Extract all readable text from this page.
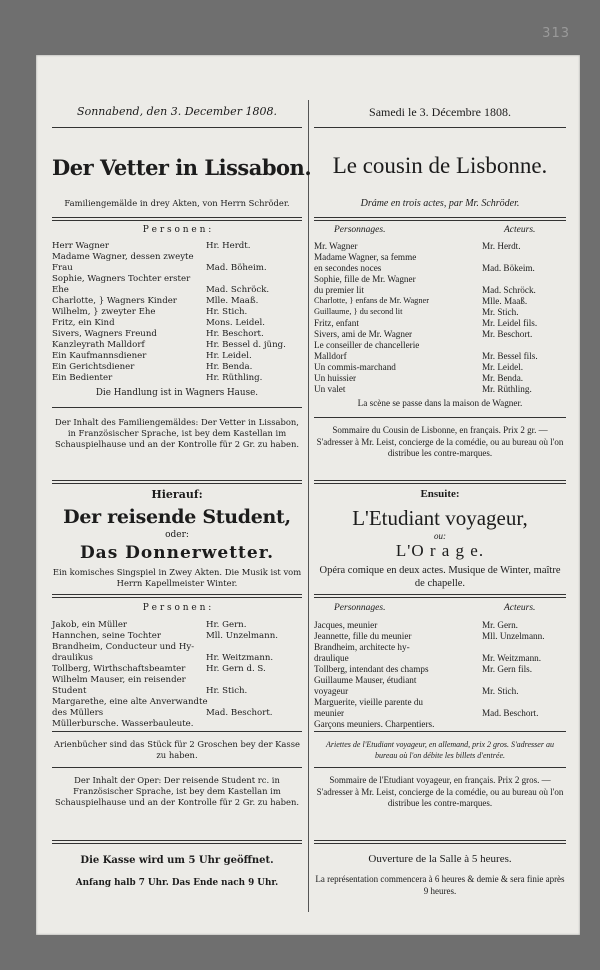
313
Sonnabend, den 3. December 1808.
Der Vetter in Lissabon.
Familiengemälde in drey Akten, von Herrn Schröder.
P e r s o n e n :
Herr Wagner	Hr. Herdt.
Madame Wagner, dessen zweyte
Frau	Mad. Böheim.
Sophie, Wagners Tochter erster
Ehe	Mad. Schröck.
Charlotte, } Wagners Kinder	Mlle. Maaß.
Wilhelm, } zweyter Ehe	Hr. Stich.
Fritz, ein Kind	Mons. Leidel.
Sivers, Wagners Freund	Hr. Beschort.
Kanzleyrath Malldorf	Hr. Bessel d. jüng.
Ein Kaufmannsdiener	Hr. Leidel.
Ein Gerichtsdiener	Hr. Benda.
Ein Bedienter	Hr. Rüthling.
Die Handlung ist in Wagners Hause.
Der Inhalt des Familiengemäldes: Der Vetter in Lissabon, in Französischer Sprache, ist bey dem Kastellan im Schauspielhause und an der Kontrolle für 2 Gr. zu haben.
Hierauf:
Der reisende Student,
oder:
Das Donnerwetter.
Ein komisches Singspiel in Zwey Akten. Die Musik ist vom Herrn Kapellmeister Winter.
P e r s o n e n :
Jakob, ein Müller	Hr. Gern.
Hannchen, seine Tochter	Mll. Unzelmann.
Brandheim, Conducteur und Hy-
draulikus	Hr. Weitzmann.
Tollberg, Wirthschaftsbeamter Hr. Gern d. S.
Wilhelm Mauser, ein reisender
Student	Hr. Stich.
Margarethe, eine alte Anverwandte
des Müllers	Mad. Beschort.
Müllerbursche. Wasserbauleute.
Arienbücher sind das Stück für 2 Groschen bey der Kasse zu haben.
Der Inhalt der Oper: Der reisende Student rc. in Französischer Sprache, ist bey dem Kastellan im Schauspielhause und an der Kontrolle für 2 Gr. zu haben.
Die Kasse wird um 5 Uhr geöffnet.
Anfang halb 7 Uhr. Das Ende nach 9 Uhr.
Samedi le 3. Décembre 1808.
Le cousin de Lisbonne.
Dráme en trois actes, par Mr. Schröder.
Personnages.	Acteurs.
Mr. Wagner	Mr. Herdt.
Madame Wagner, sa femme
en secondes noces	Mad. Bökeim.
Sophie, fille de Mr. Wagner
du premier lit	Mad. Schröck.
Charlotte, } enfans de Mr. Wagner	Mlle. Maaß.
Guillaume, } du second lit	Mr. Stich.
Fritz, enfant	Mr. Leidel fils.
Sivers, ami de Mr. Wagner	Mr. Beschort.
Le conseiller de chancellerie
Malldorf	Mr. Bessel fils.
Un commis-marchand	Mr. Leidel.
Un huissier	Mr. Benda.
Un valet	Mr. Rüthling.
La scène se passe dans la maison de Wagner.
Sommaire du Cousin de Lisbonne, en français. Prix 2 gr. — S'adresser à Mr. Leist, concierge de la comédie, ou au bureau où l'on distribue les contre-marques.
Ensuite:
L'Etudiant voyageur,
ou:
L'O r a g e.
Opéra comique en deux actes. Musique de Winter, maître de chapelle.
Personnages.	Acteurs.
Jacques, meunier	Mr. Gern.
Jeannette, fille du meunier	Mll. Unzelmann.
Brandheim, architecte hy-
draulique	Mr. Weitzmann.
Tollberg, intendant des champs	Mr. Gern fils.
Guillaume Mauser, étudiant
voyageur	Mr. Stich.
Marguerite, vieille parente du
meunier	Mad. Beschort.
Garçons meuniers. Charpentiers.
Ariettes de l'Etudiant voyageur, en allemand, prix 2 gros. S'adresser au bureau où l'on débite les billets d'entrée.
Sommaire de l'Etudiant voyageur, en français. Prix 2 gros. — S'adresser à Mr. Leist, concierge de la comédie, ou au bureau où l'on distribue les contre-marques.
Ouverture de la Salle à 5 heures.
La représentation commencera à 6 heures & demie & sera finie après 9 heures.
